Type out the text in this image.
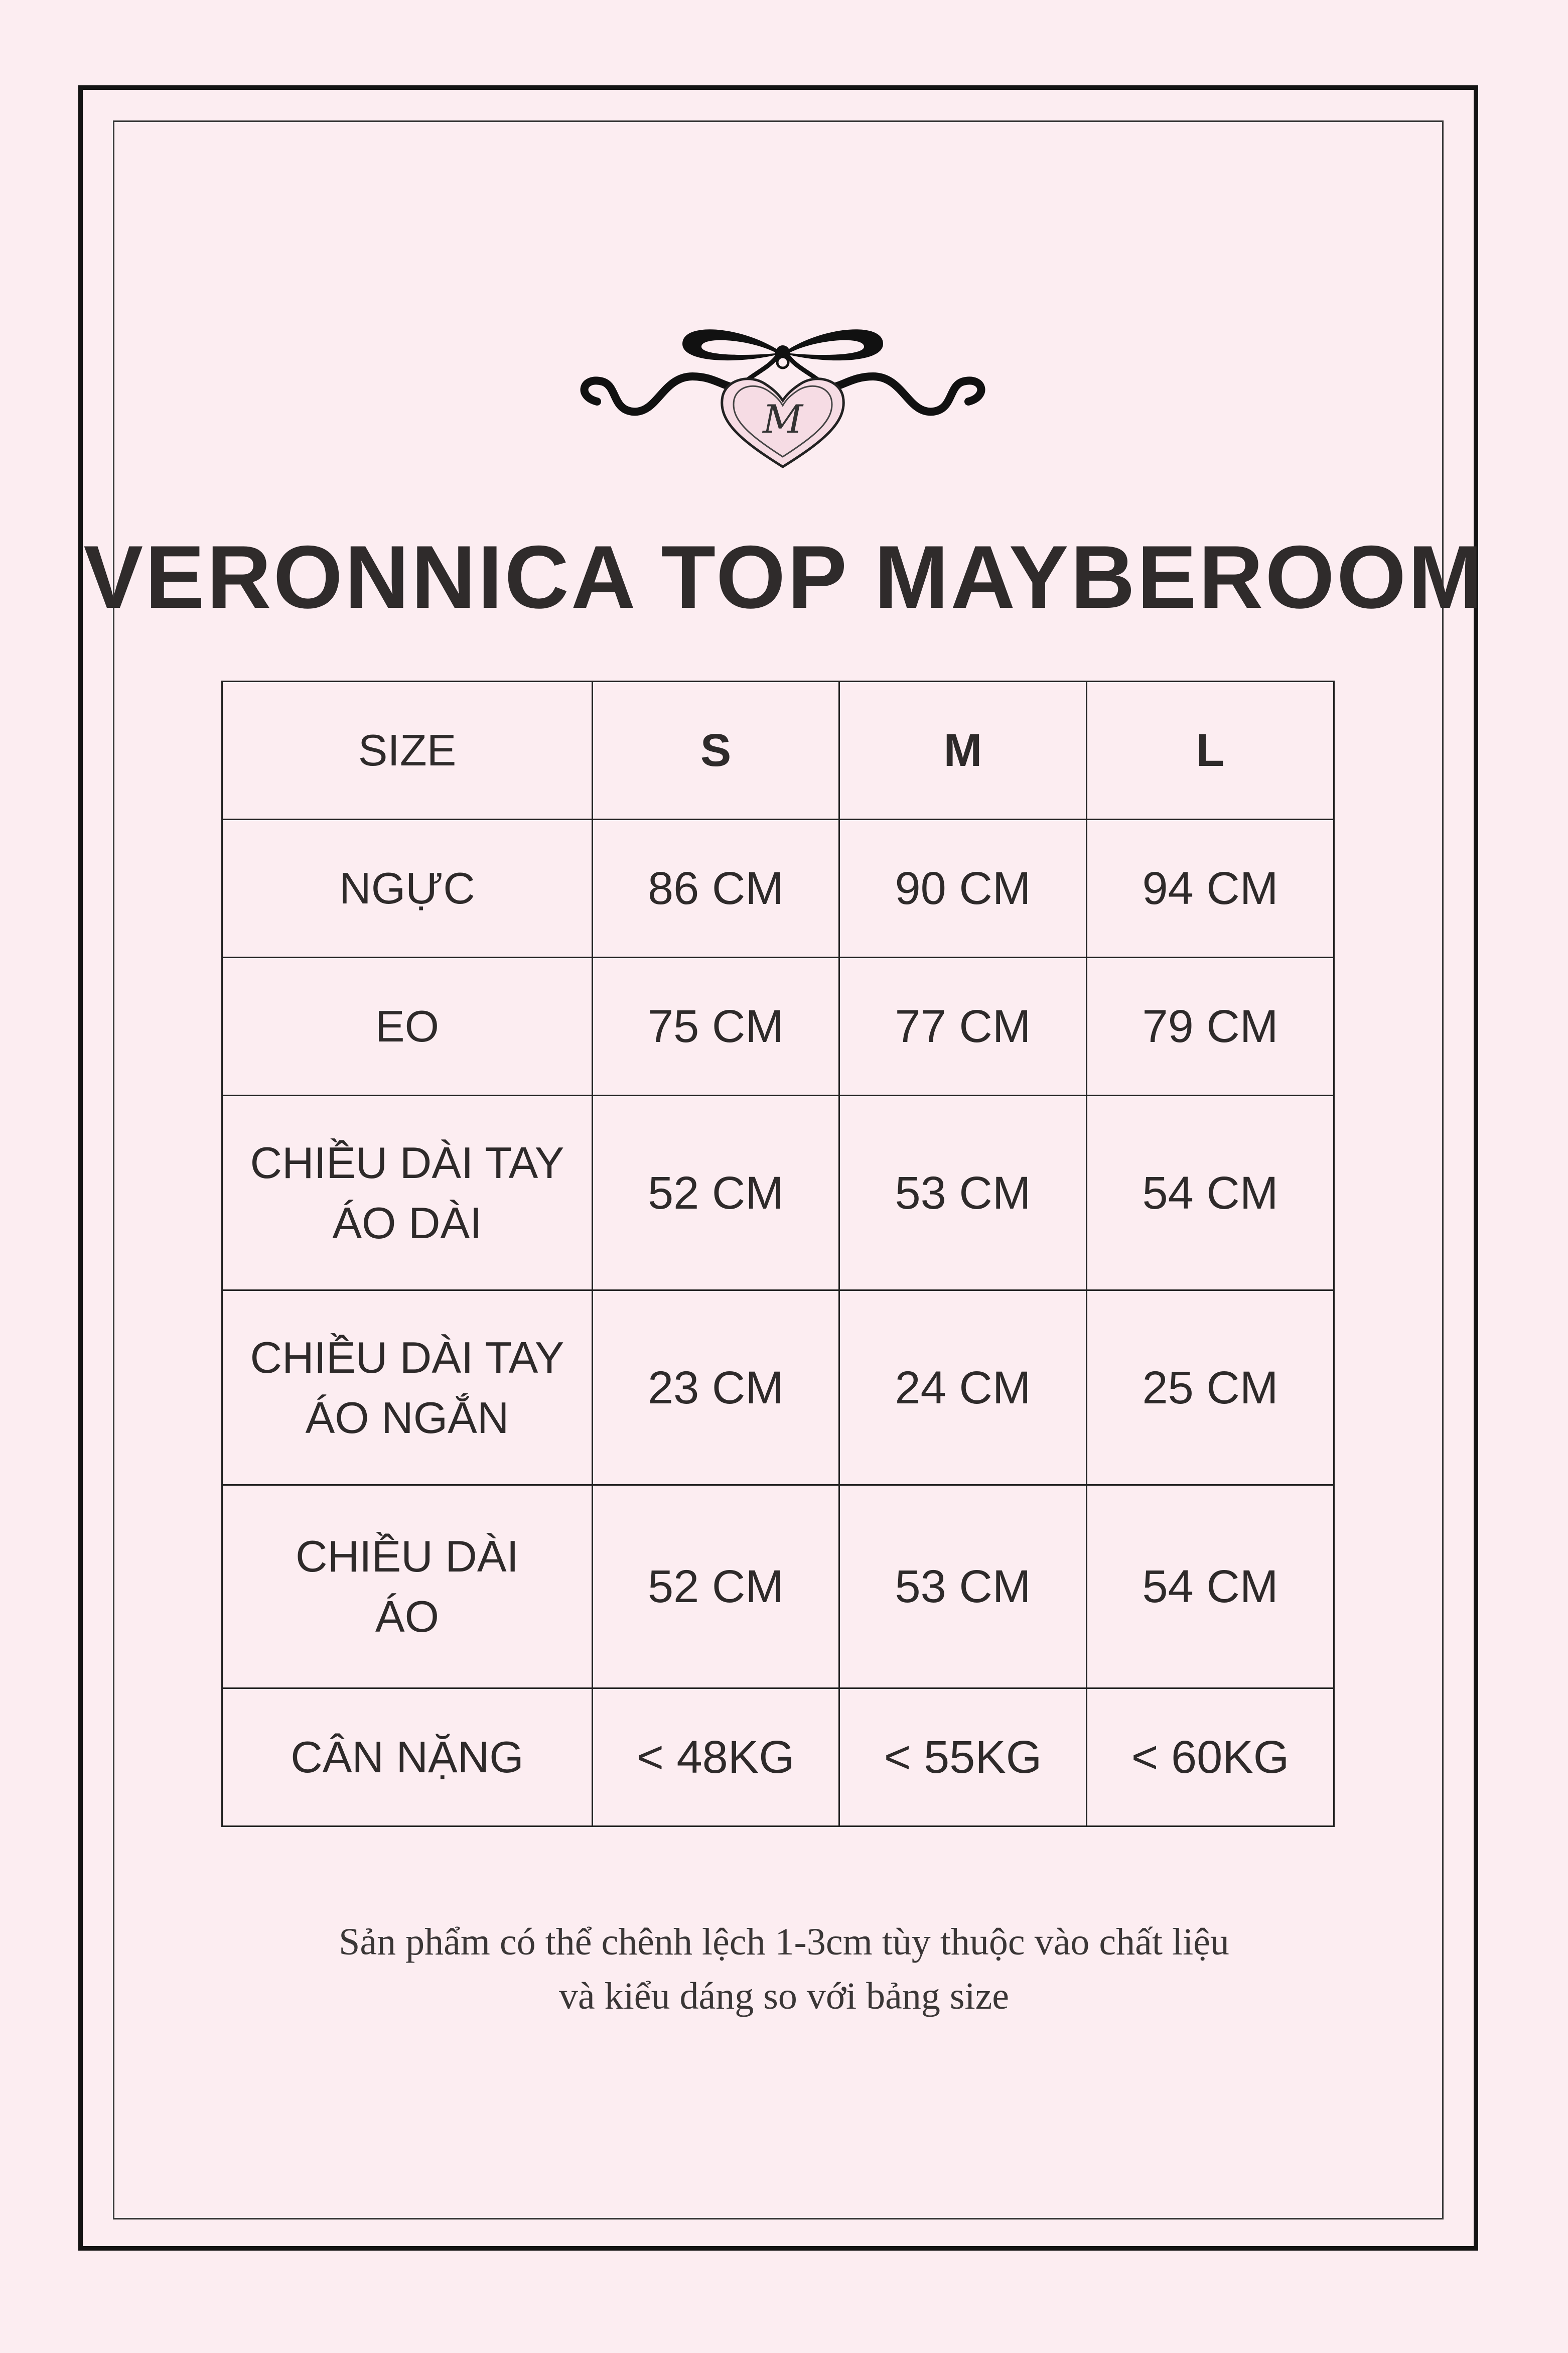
M
VERONNICA TOP MAYBEROOM
SIZE	S	M	L
NGỰC	86 CM	90 CM	94 CM
EO	75 CM	77 CM	79 CM

CHIỀU DÀI TAY
ÁO DÀI	52 CM	53 CM	54 CM

CHIỀU DÀI TAY
ÁO NGẮN	23 CM	24 CM	25 CM

CHIỀU DÀI
ÁO	52 CM	53 CM	54 CM
CÂN NẶNG	< 48KG	< 55KG	< 60KG
Sản phẩm có thể chênh lệch 1-3cm tùy thuộc vào chất liệu
và kiểu dáng so với bảng size
